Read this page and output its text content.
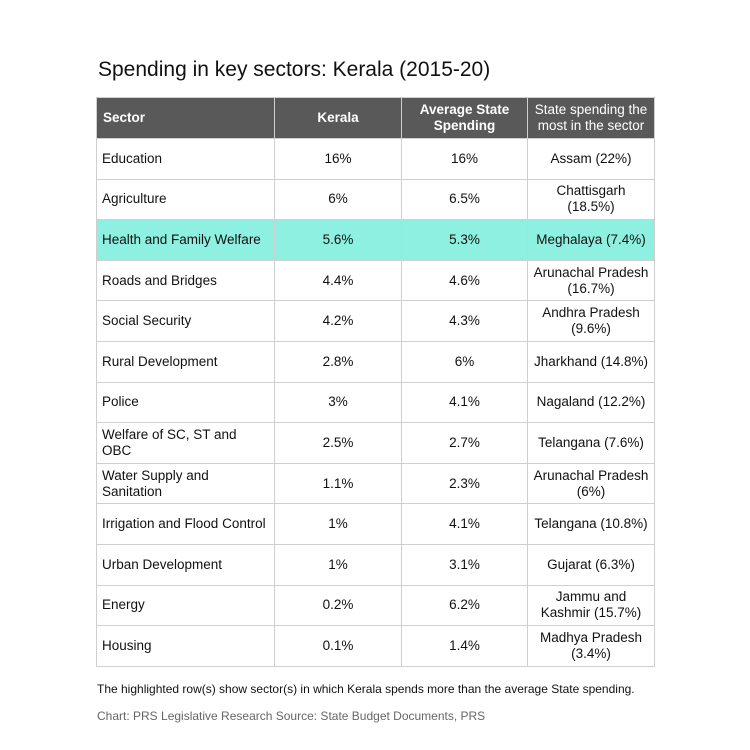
Spending in key sectors: Kerala (2015-20)
Sector	Kerala	Average State Spending	State spending the most in the sector
Education	16%	16%	Assam (22%)
Agriculture	6%	6.5%	Chattisgarh (18.5%)
Health and Family Welfare	5.6%	5.3%	Meghalaya (7.4%)
Roads and Bridges	4.4%	4.6%	Arunachal Pradesh (16.7%)
Social Security	4.2%	4.3%	Andhra Pradesh (9.6%)
Rural Development	2.8%	6%	Jharkhand (14.8%)
Police	3%	4.1%	Nagaland (12.2%)
Welfare of SC, ST and OBC	2.5%	2.7%	Telangana (7.6%)
Water Supply and Sanitation	1.1%	2.3%	Arunachal Pradesh (6%)
Irrigation and Flood Control	1%	4.1%	Telangana (10.8%)
Urban Development	1%	3.1%	Gujarat (6.3%)
Energy	0.2%	6.2%	Jammu and Kashmir (15.7%)
Housing	0.1%	1.4%	Madhya Pradesh (3.4%)
The highlighted row(s) show sector(s) in which Kerala spends more than the average State spending.
Chart: PRS Legislative Research Source: State Budget Documents, PRS
